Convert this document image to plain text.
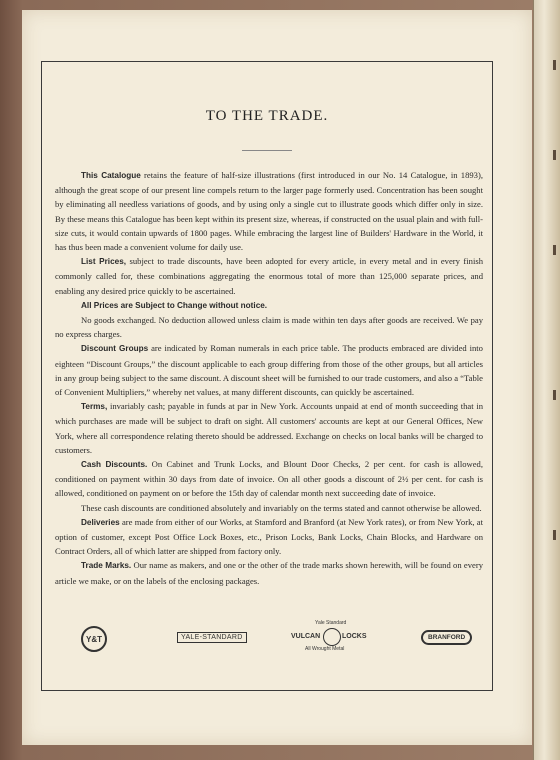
TO THE TRADE.

This Catalogue retains the feature of half-size illustrations (first introduced in our No. 14 Catalogue, in 1893), although the great scope of our present line compels return to the larger page formerly used. Concentration has been sought by eliminating all needless variations of goods, and by using only a single cut to illustrate goods which differ only in size. By these means this Catalogue has been kept within its present size, whereas, if constructed on the usual plain and with full-size cuts, it would contain upwards of 1800 pages. While embracing the largest line of Builders' Hardware in the World, it has thus been made a convenient volume for daily use.

List Prices, subject to trade discounts, have been adopted for every article, in every metal and in every finish commonly called for, these combinations aggregating the enormous total of more than 125,000 separate prices, and enabling any desired price quickly to be ascertained.

All Prices are Subject to Change without notice.

No goods exchanged. No deduction allowed unless claim is made within ten days after goods are received. We pay no express charges.

Discount Groups are indicated by Roman numerals in each price table. The products embraced are divided into eighteen “Discount Groups,” the discount applicable to each group differing from those of the other groups, but all articles in any group being subject to the same discount. A discount sheet will be furnished to our trade customers, and also a “Table of Convenient Multipliers,” whereby net values, at many different discounts, can quickly be ascertained.

Terms, invariably cash; payable in funds at par in New York. Accounts unpaid at end of month succeeding that in which purchases are made will be subject to draft on sight. All customers' accounts are kept at our General Offices, New York, where all correspondence relating thereto should be addressed. Exchange on checks on local banks will be charged to customers.

Cash Discounts. On Cabinet and Trunk Locks, and Blount Door Checks, 2 per cent. for cash is allowed, conditioned on payment within 30 days from date of invoice. On all other goods a discount of 2½ per cent. for cash is allowed, conditioned on payment on or before the 15th day of calendar month next succeeding date of invoice.

These cash discounts are conditioned absolutely and invariably on the terms stated and cannot otherwise be allowed.

Deliveries are made from either of our Works, at Stamford and Branford (at New York rates), or from New York, at option of customer, except Post Office Lock Boxes, etc., Prison Locks, Bank Locks, Chain Blocks, and Hardware on Contract Orders, all of which latter are shipped from factory only.

Trade Marks. Our name as makers, and one or the other of the trade marks shown herewith, will be found on every article we make, or on the labels of the enclosing packages.

Y&T	YALE-STANDARD
Yale Standard
VULCAN	LOCKS
All Wrought Metal
BRANFORD
